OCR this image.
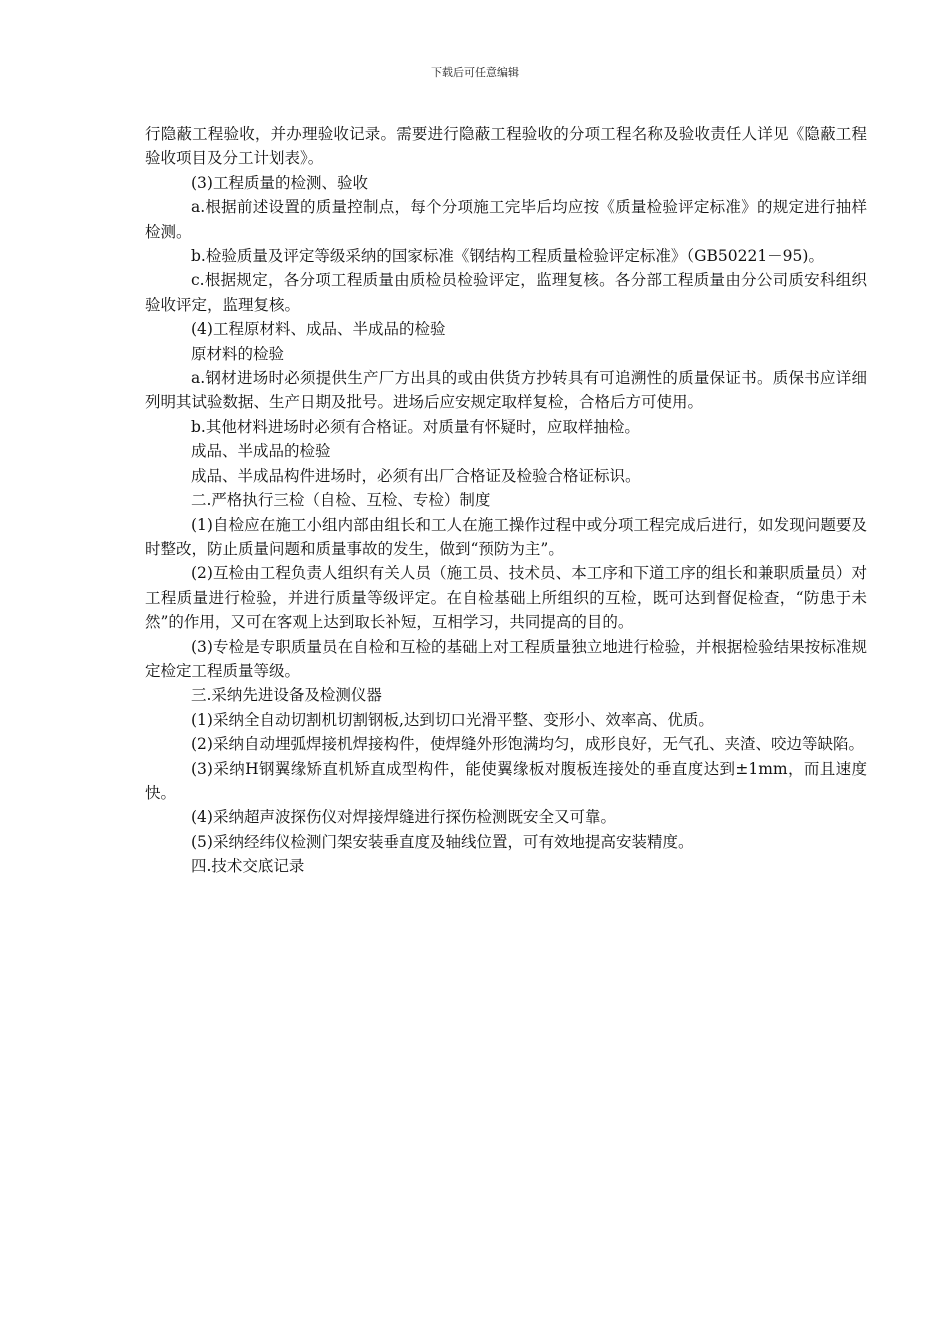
下载后可任意编辑

行隐蔽工程验收，并办理验收记录。需要进行隐蔽工程验收的分项工程名称及验收责任人详见《隐蔽工程验收项目及分工计划表》。

(3)工程质量的检测、验收

a.根据前述设置的质量控制点，每个分项施工完毕后均应按《质量检验评定标准》的规定进行抽样检测。

b.检验质量及评定等级采纳的国家标准《钢结构工程质量检验评定标准》（GB50221－95)。

c.根据规定，各分项工程质量由质检员检验评定，监理复核。各分部工程质量由分公司质安科组织验收评定，监理复核。

(4)工程原材料、成品、半成品的检验

原材料的检验

a.钢材进场时必须提供生产厂方出具的或由供货方抄转具有可追溯性的质量保证书。质保书应详细列明其试验数据、生产日期及批号。进场后应安规定取样复检，合格后方可使用。

b.其他材料进场时必须有合格证。对质量有怀疑时，应取样抽检。

成品、半成品的检验

成品、半成品构件进场时，必须有出厂合格证及检验合格证标识。

二.严格执行三检（自检、互检、专检）制度

(1)自检应在施工小组内部由组长和工人在施工操作过程中或分项工程完成后进行，如发现问题要及时整改，防止质量问题和质量事故的发生，做到“预防为主”。

(2)互检由工程负责人组织有关人员（施工员、技术员、本工序和下道工序的组长和兼职质量员）对工程质量进行检验，并进行质量等级评定。在自检基础上所组织的互检，既可达到督促检查，“防患于未然”的作用，又可在客观上达到取长补短，互相学习，共同提高的目的。

(3)专检是专职质量员在自检和互检的基础上对工程质量独立地进行检验，并根据检验结果按标准规定检定工程质量等级。

三.采纳先进设备及检测仪器

(1)采纳全自动切割机切割钢板,达到切口光滑平整、变形小、效率高、优质。

(2)采纳自动埋弧焊接机焊接构件，使焊缝外形饱满均匀，成形良好，无气孔、夹渣、咬边等缺陷。

(3)采纳H钢翼缘矫直机矫直成型构件，能使翼缘板对腹板连接处的垂直度达到±1mm，而且速度快。

(4)采纳超声波探伤仪对焊接焊缝进行探伤检测既安全又可靠。

(5)采纳经纬仪检测门架安装垂直度及轴线位置，可有效地提高安装精度。

四.技术交底记录
